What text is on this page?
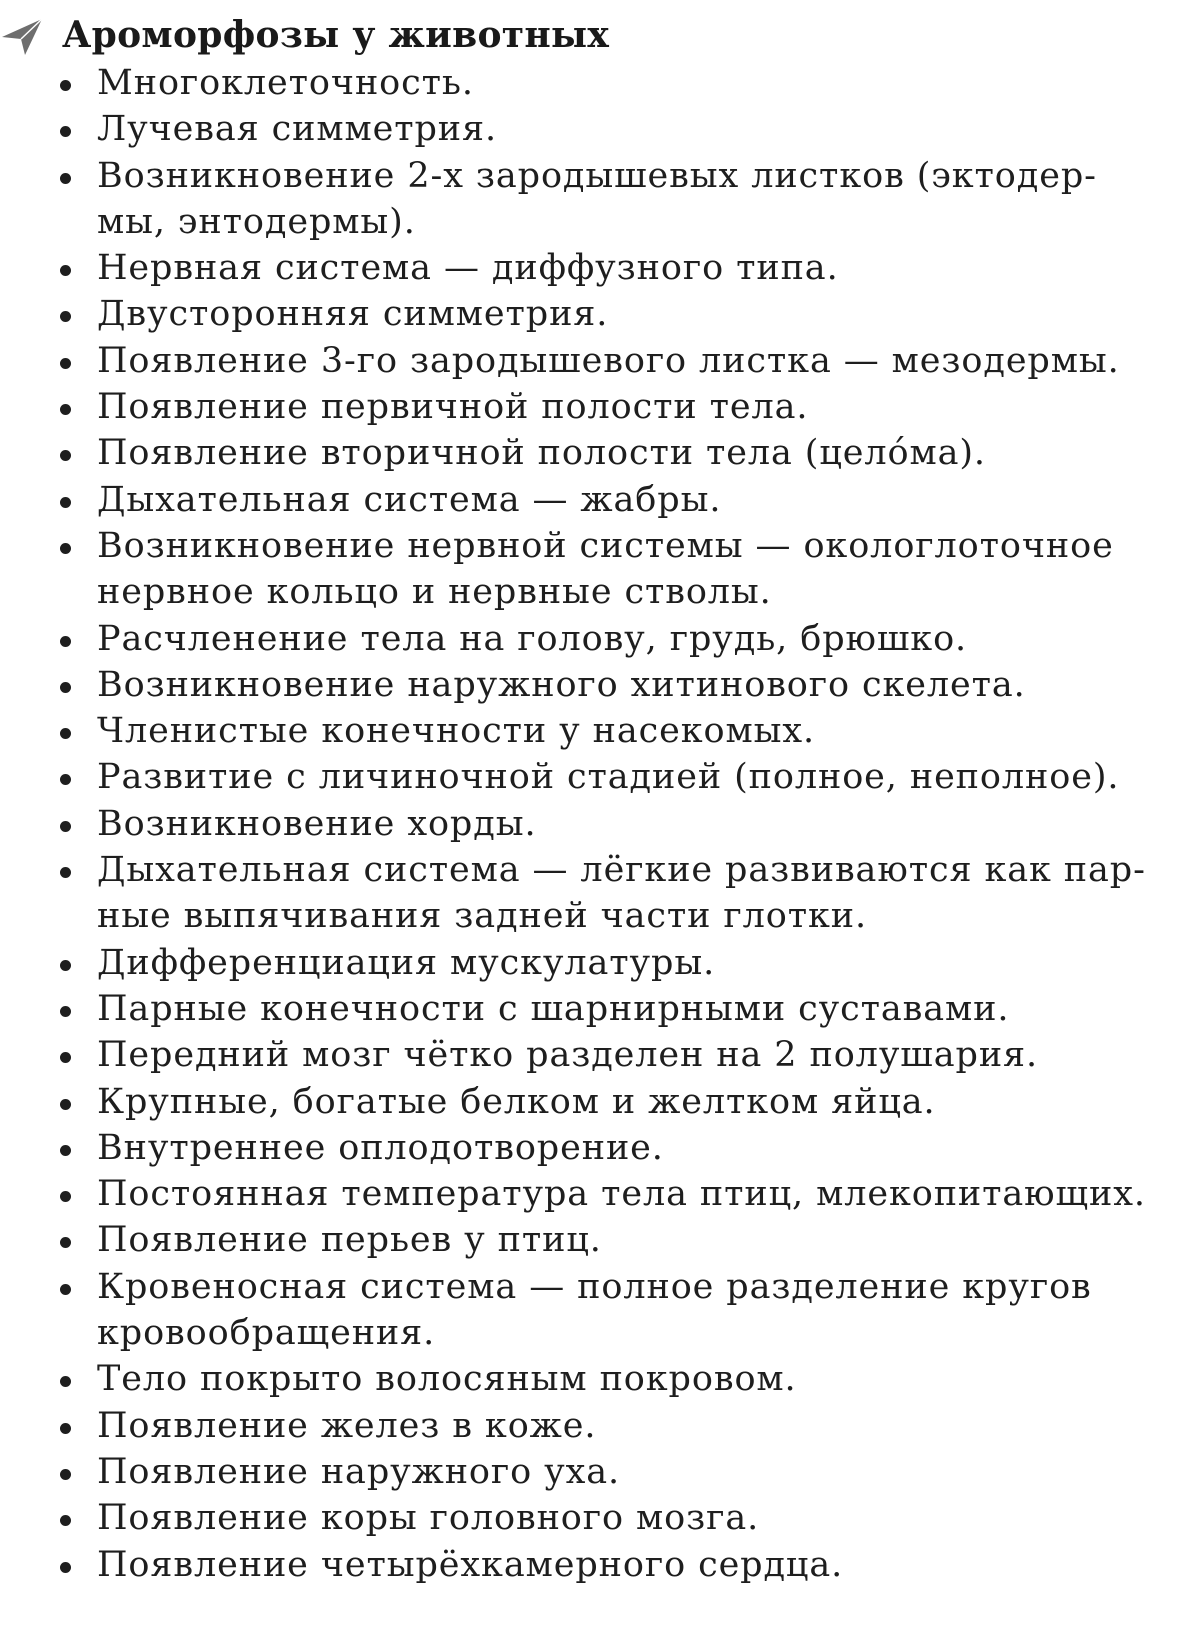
Ароморфозы у животных
Многоклеточность.
Лучевая симметрия.
Возникновение 2-х зародышевых листков (эктодер-
мы, энтодермы).
Нервная система — диффузного типа.
Двусторонняя симметрия.
Появление 3-го зародышевого листка — мезодермы.
Появление первичной полости тела.
Появление вторичной полости тела (цело́ма).
Дыхательная система — жабры.
Возникновение нервной системы — окологлоточное
нервное кольцо и нервные стволы.
Расчленение тела на голову, грудь, брюшко.
Возникновение наружного хитинового скелета.
Членистые конечности у насекомых.
Развитие с личиночной стадией (полное, неполное).
Возникновение хорды.
Дыхательная система — лёгкие развиваются как пар-
ные выпячивания задней части глотки.
Дифференциация мускулатуры.
Парные конечности с шарнирными суставами.
Передний мозг чётко разделен на 2 полушария.
Крупные, богатые белком и желтком яйца.
Внутреннее оплодотворение.
Постоянная температура тела птиц, млекопитающих.
Появление перьев у птиц.
Кровеносная система — полное разделение кругов
кровообращения.
Тело покрыто волосяным покровом.
Появление желез в коже.
Появление наружного уха.
Появление коры головного мозга.
Появление четырёхкамерного сердца.
